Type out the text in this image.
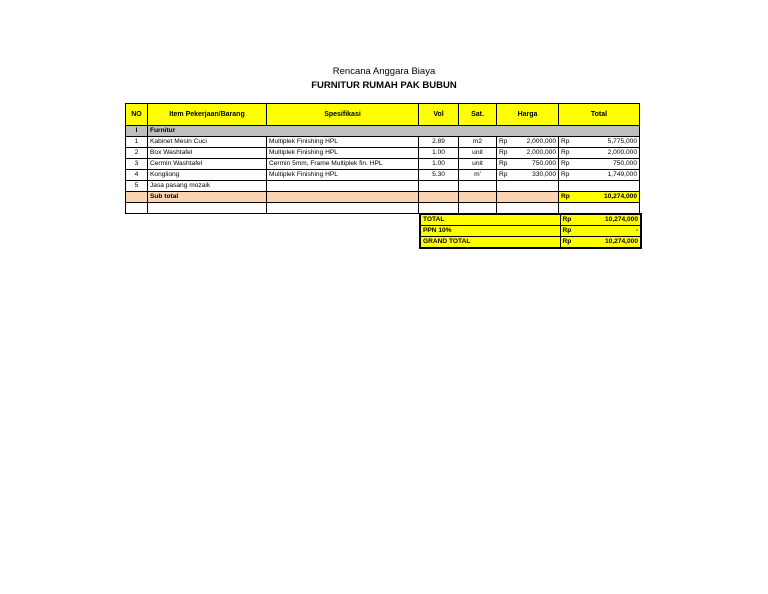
Rencana Anggara Biaya
FURNITUR RUMAH PAK BUBUN
NO	Item Pekerjaan/Barang	Spesifikasi	Vol	Sat.	Harga	Total
I	Furnitur					
1	Kabinet Mesin Cuci	Multiplek Finishing HPL	2.89	m2	Rp 2,000,000	Rp 5,775,000

2	Box Washtafel	Multiplek Finishing HPL	1.00	unit	Rp 2,000,000	Rp 2,000,000

3	Cermin Washtafel	Cermin 5mm, Frame Multiplek fin. HPL	1.00	unit	Rp 750,000	Rp 750,000

4	Kongliong	Multiplek Finishing HPL	5.30	m'	Rp 330,000	Rp 1,749,000

5	Jasa pasang mozaik				

	Sub total					Rp 10,274,000

TOTAL	Rp 10,274,000

PPN 10%	Rp -

GRAND TOTAL	Rp 10,274,000
